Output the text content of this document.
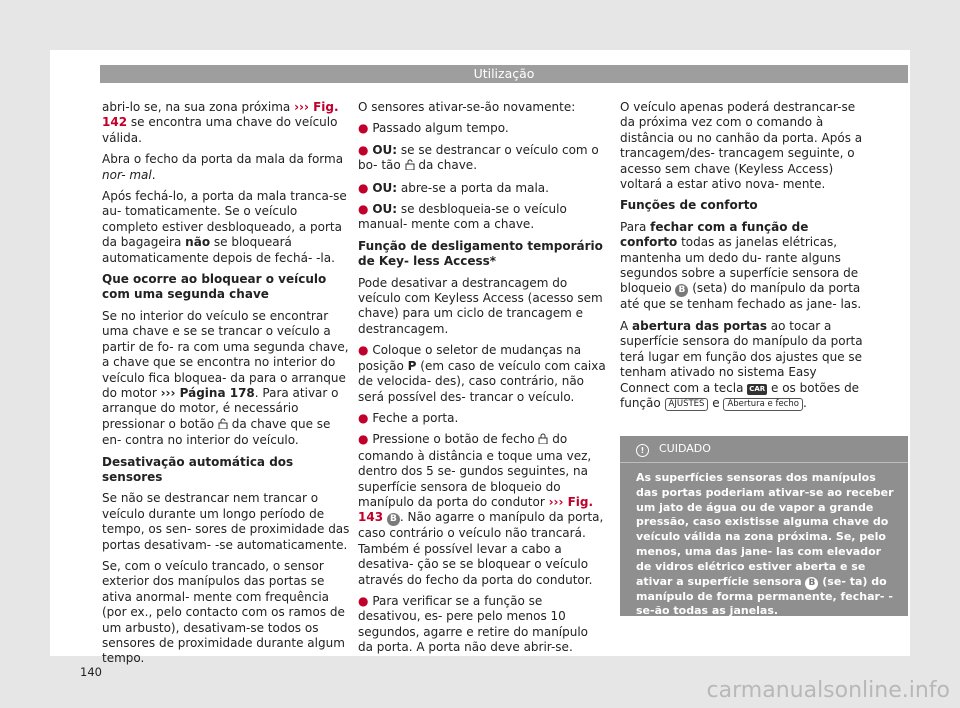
Utilização

abri-lo se, na sua zona próxima ››› Fig. 142 se encontra uma chave do veículo válida.

Abra o fecho da porta da mala da forma nor- mal.

Após fechá-lo, a porta da mala tranca-se au- tomaticamente. Se o veículo completo estiver desbloqueado, a porta da bagageira não se bloqueará automaticamente depois de fechá- -la.

Que ocorre ao bloquear o veículo com uma segunda chave

Se no interior do veículo se encontrar uma chave e se se trancar o veículo a partir de fo- ra com uma segunda chave, a chave que se encontra no interior do veículo fica bloquea- da para o arranque do motor ››› Página 178. Para ativar o arranque do motor, é necessário pressionar o botão  da chave que se en- contra no interior do veículo.

Desativação automática dos sensores

Se não se destrancar nem trancar o veículo durante um longo período de tempo, os sen- sores de proximidade das portas desativam- -se automaticamente.

Se, com o veículo trancado, o sensor exterior dos manípulos das portas se ativa anormal- mente com frequência (por ex., pelo contacto com os ramos de um arbusto), desativam-se todos os sensores de proximidade durante algum tempo.

O sensores ativar-se-ão novamente:

● Passado algum tempo.
● OU: se se destrancar o veículo com o bo- tão  da chave.
● OU: abre-se a porta da mala.
● OU: se desbloqueia-se o veículo manual- mente com a chave.

Função de desligamento temporário de Key- less Access*

Pode desativar a destrancagem do veículo com Keyless Access (acesso sem chave) para um ciclo de trancagem e destrancagem.

● Coloque o seletor de mudanças na posição P (em caso de veículo com caixa de velocida- des), caso contrário, não será possível des- trancar o veículo.
● Feche a porta.
● Pressione o botão de fecho  do comando à distância e toque uma vez, dentro dos 5 se- gundos seguintes, na superfície sensora de bloqueio do manípulo da porta do condutor ››› Fig. 143 B . Não agarre o manípulo da porta, caso contrário o veículo não trancará. Também é possível levar a cabo a desativa- ção se se bloquear o veículo através do fecho da porta do condutor.
● Para verificar se a função se desativou, es- pere pelo menos 10 segundos, agarre e retire do manípulo da porta. A porta não deve abrir-se.

O veículo apenas poderá destrancar-se da próxima vez com o comando à distância ou no canhão da porta. Após a trancagem/des- trancagem seguinte, o acesso sem chave (Keyless Access) voltará a estar ativo nova- mente.

Funções de conforto

Para fechar com a função de conforto todas as janelas elétricas, mantenha um dedo du- rante alguns segundos sobre a superfície sensora de bloqueio B (seta) do manípulo da porta até que se tenham fechado as jane- las.

A abertura das portas ao tocar a superfície sensora do manípulo da porta terá lugar em função dos ajustes que se tenham ativado no sistema Easy Connect com a tecla CAR e os botões de função AJUSTES e Abertura e fecho .

! CUIDADO
As superfícies sensoras dos manípulos das portas poderiam ativar-se ao receber um jato de água ou de vapor a grande pressão, caso existisse alguma chave do veículo válida na zona próxima. Se, pelo menos, uma das jane- las com elevador de vidros elétrico estiver aberta e se ativar a superfície sensora B (se- ta) do manípulo de forma permanente, fechar- -se-ão todas as janelas.
140
carmanualsonline.info
